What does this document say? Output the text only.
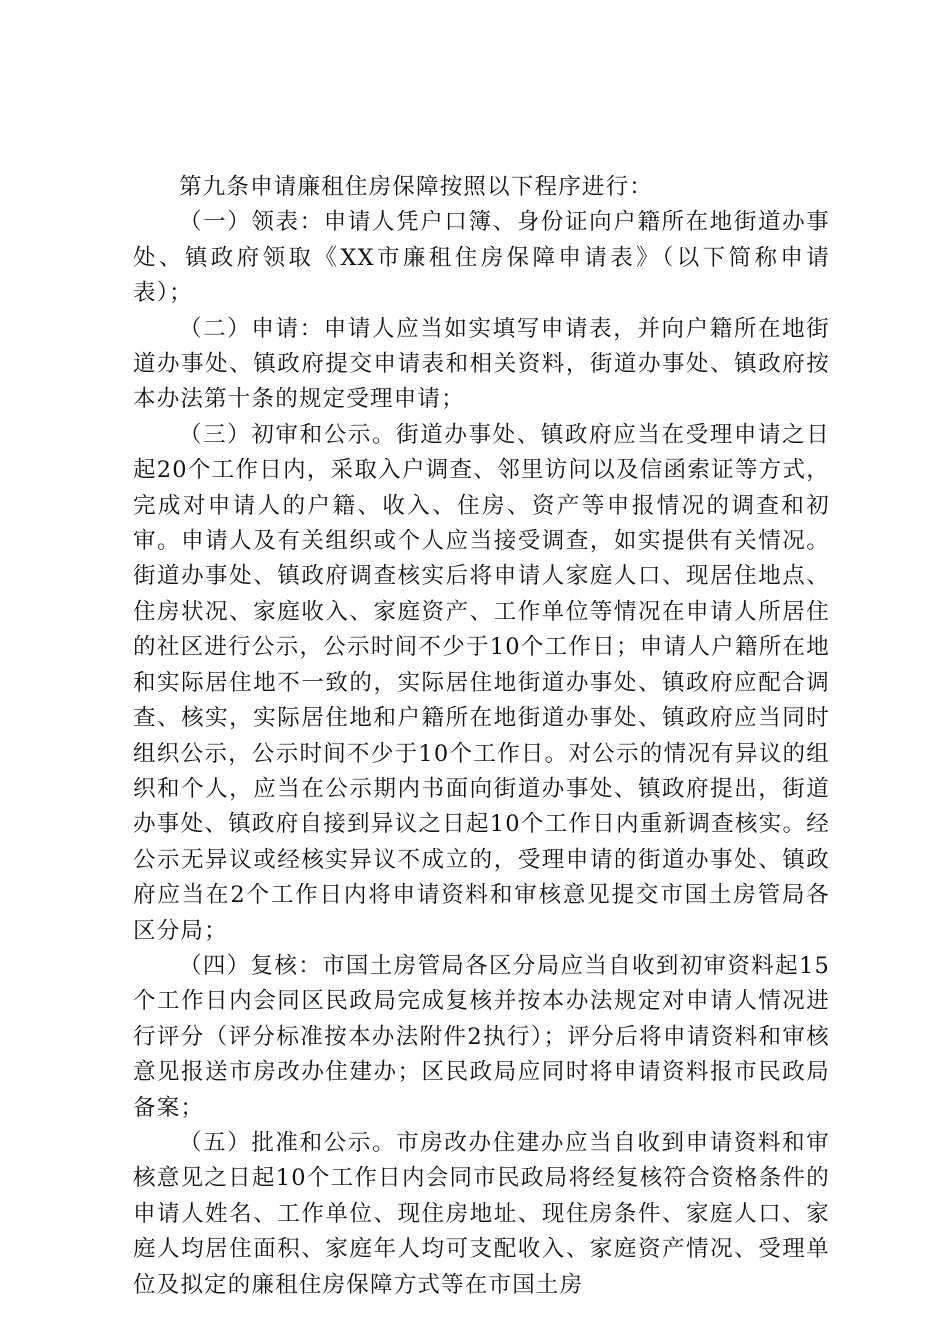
第九条申请廉租住房保障按照以下程序进行：

（一）领表：申请人凭户口簿、身份证向户籍所在地街道办事处、镇政府领取《XX市廉租住房保障申请表》（以下简称申请表）；

（二）申请：申请人应当如实填写申请表，并向户籍所在地街道办事处、镇政府提交申请表和相关资料，街道办事处、镇政府按本办法第十条的规定受理申请；

（三）初审和公示。街道办事处、镇政府应当在受理申请之日起20个工作日内，采取入户调查、邻里访问以及信函索证等方式，完成对申请人的户籍、收入、住房、资产等申报情况的调查和初审。申请人及有关组织或个人应当接受调查，如实提供有关情况。街道办事处、镇政府调查核实后将申请人家庭人口、现居住地点、住房状况、家庭收入、家庭资产、工作单位等情况在申请人所居住的社区进行公示，公示时间不少于10个工作日；申请人户籍所在地和实际居住地不一致的，实际居住地街道办事处、镇政府应配合调查、核实，实际居住地和户籍所在地街道办事处、镇政府应当同时组织公示，公示时间不少于10个工作日。对公示的情况有异议的组织和个人，应当在公示期内书面向街道办事处、镇政府提出，街道办事处、镇政府自接到异议之日起10个工作日内重新调查核实。经公示无异议或经核实异议不成立的，受理申请的街道办事处、镇政府应当在2个工作日内将申请资料和审核意见提交市国土房管局各区分局；

（四）复核：市国土房管局各区分局应当自收到初审资料起15个工作日内会同区民政局完成复核并按本办法规定对申请人情况进行评分（评分标准按本办法附件2执行）；评分后将申请资料和审核意见报送市房改办住建办；区民政局应同时将申请资料报市民政局备案；

（五）批准和公示。市房改办住建办应当自收到申请资料和审核意见之日起10个工作日内会同市民政局将经复核符合资格条件的申请人姓名、工作单位、现住房地址、现住房条件、家庭人口、家庭人均居住面积、家庭年人均可支配收入、家庭资产情况、受理单位及拟定的廉租住房保障方式等在市国土房
